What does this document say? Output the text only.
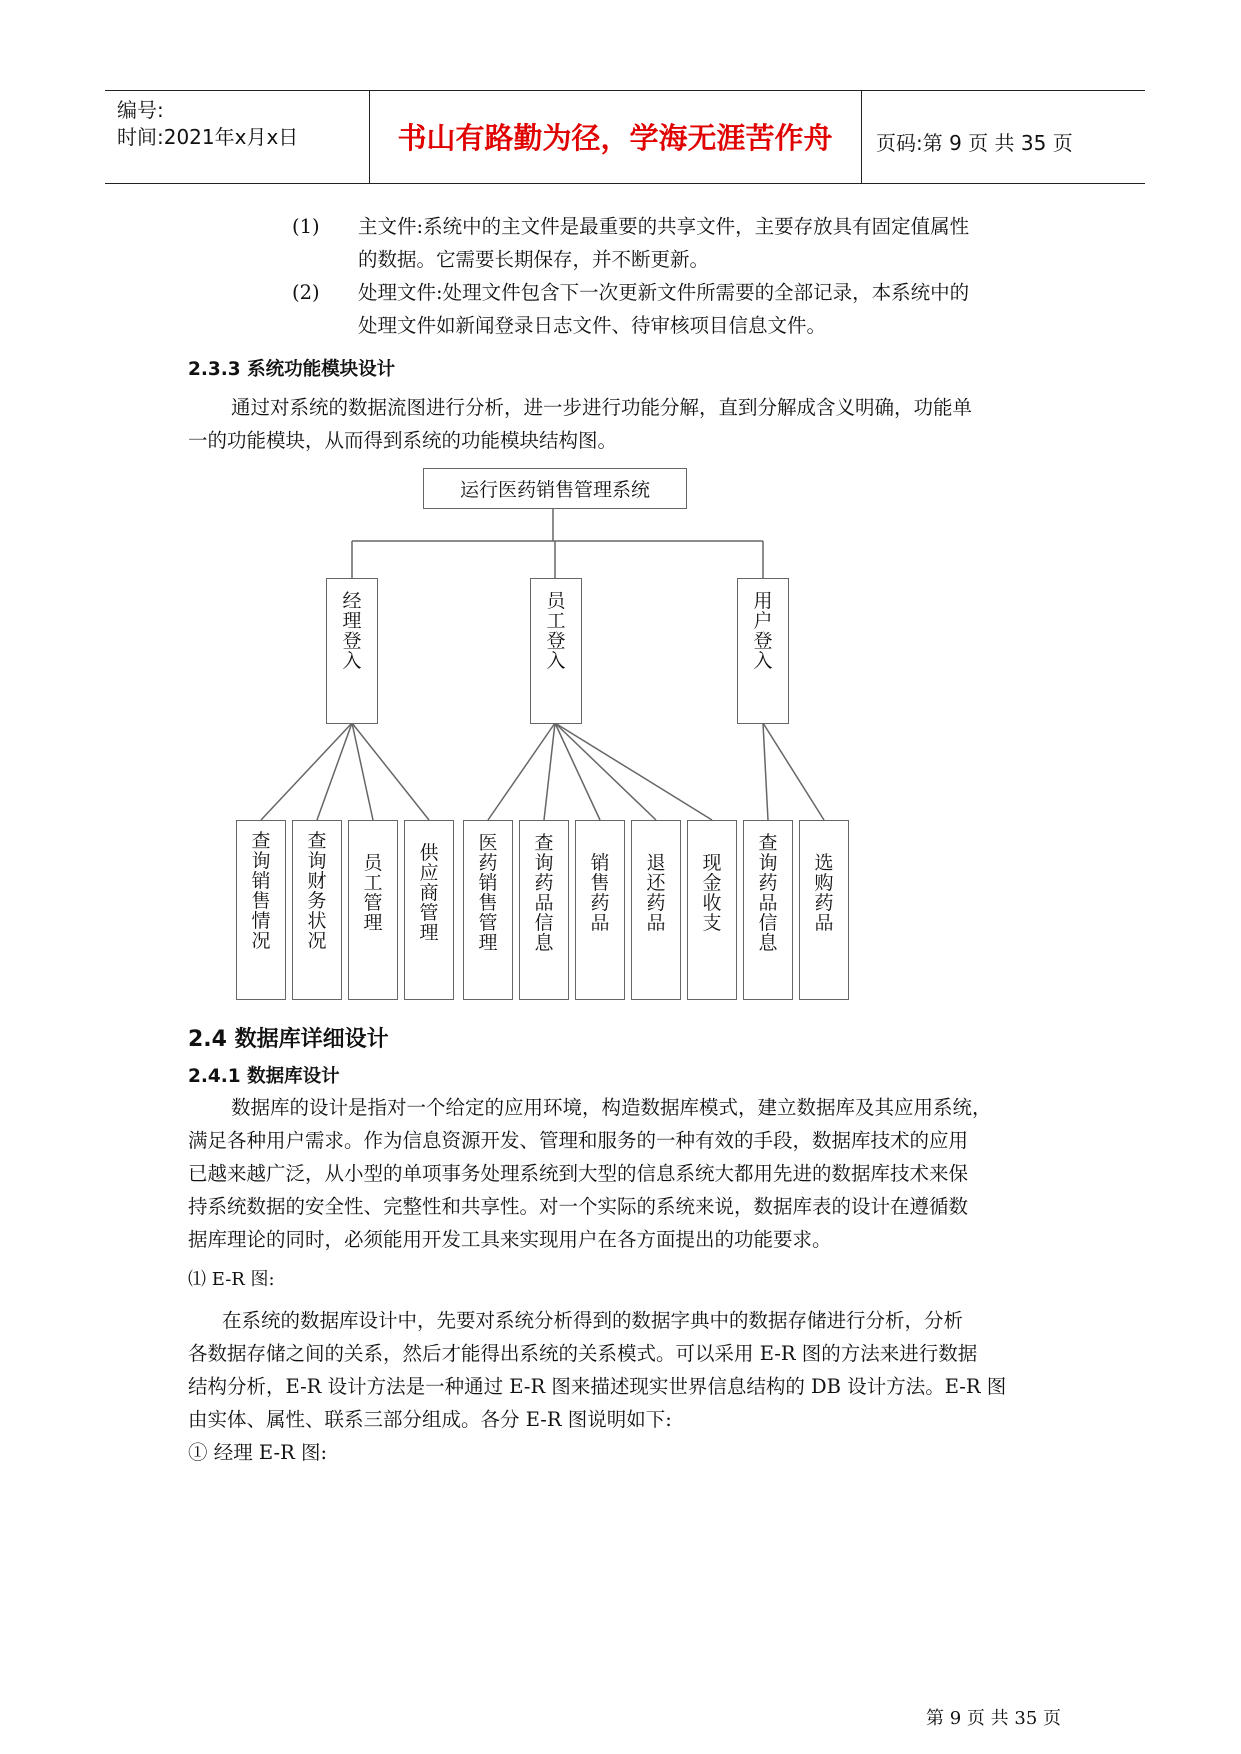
编号:
时间:2021年x月x日	书山有路勤为径，学海无涯苦作舟	页码:第 9 页 共 35 页
(1) 主文件:系统中的主文件是最重要的共享文件，主要存放具有固定值属性
的数据。它需要长期保存，并不断更新。
(2) 处理文件:处理文件包含下一次更新文件所需要的全部记录，本系统中的
处理文件如新闻登录日志文件、待审核项目信息文件。
2.3.3 系统功能模块设计
通过对系统的数据流图进行分析，进一步进行功能分解，直到分解成含义明确，功能单
一的功能模块，从而得到系统的功能模块结构图。
运行医药销售管理系统
经
理
登
入
员
工
登
入
用
户
登
入
查
询
销
售
情
况
查
询
财
务
状
况
员
工
管
理
供
应
商
管
理
医
药
销
售
管
理
查
询
药
品
信
息
销
售
药
品
退
还
药
品
现
金
收
支
查
询
药
品
信
息
选
购
药
品
2.4 数据库详细设计
2.4.1 数据库设计
数据库的设计是指对一个给定的应用环境，构造数据库模式，建立数据库及其应用系统，
满足各种用户需求。作为信息资源开发、管理和服务的一种有效的手段，数据库技术的应用
已越来越广泛，从小型的单项事务处理系统到大型的信息系统大都用先进的数据库技术来保
持系统数据的安全性、完整性和共享性。对一个实际的系统来说，数据库表的设计在遵循数
据库理论的同时，必须能用开发工具来实现用户在各方面提出的功能要求。
⑴ E-R 图:
在系统的数据库设计中，先要对系统分析得到的数据字典中的数据存储进行分析，分析
各数据存储之间的关系，然后才能得出系统的关系模式。可以采用 E-R 图的方法来进行数据
结构分析，E-R 设计方法是一种通过 E-R 图来描述现实世界信息结构的 DB 设计方法。E-R 图
由实体、属性、联系三部分组成。各分 E-R 图说明如下:
① 经理 E-R 图:
第 9 页 共 35 页
